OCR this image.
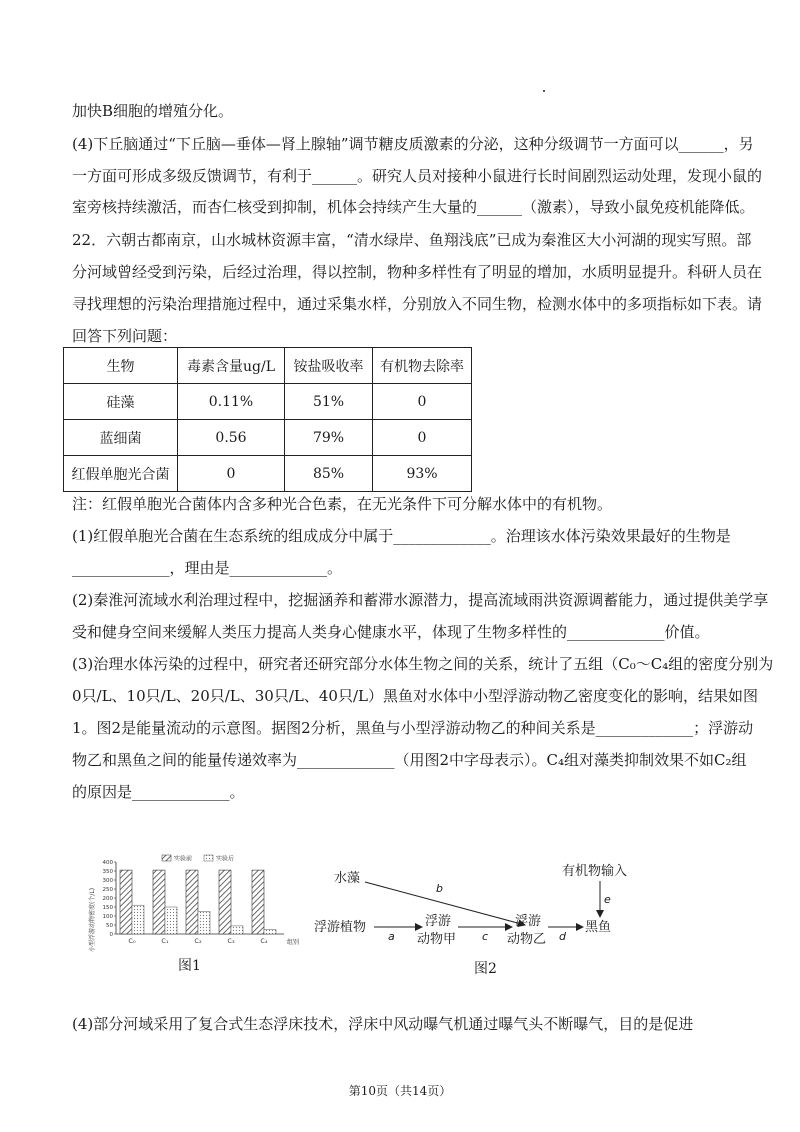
加快B细胞的增殖分化。
(4)下丘脑通过“下丘脑—垂体—肾上腺轴”调节糖皮质激素的分泌，这种分级调节一方面可以______，另
一方面可形成多级反馈调节，有利于______。研究人员对接种小鼠进行长时间剧烈运动处理，发现小鼠的
室旁核持续激活，而杏仁核受到抑制，机体会持续产生大量的______（激素），导致小鼠免疫机能降低。
22．六朝古都南京，山水城林资源丰富，“清水绿岸、鱼翔浅底”已成为秦淮区大小河湖的现实写照。部
分河域曾经受到污染，后经过治理，得以控制，物种多样性有了明显的增加，水质明显提升。科研人员在
寻找理想的污染治理措施过程中，通过采集水样，分别放入不同生物，检测水体中的多项指标如下表。请
回答下列问题：
生物	毒素含量ug/L	铵盐吸收率	有机物去除率
硅藻	0.11%	51%	0
蓝细菌	0.56	79%	0
红假单胞光合菌	0	85%	93%
注：红假单胞光合菌体内含多种光合色素，在无光条件下可分解水体中的有机物。
(1)红假单胞光合菌在生态系统的组成成分中属于_____________。治理该水体污染效果最好的生物是
_____________，理由是_____________。
(2)秦淮河流域水利治理过程中，挖掘涵养和蓄滞水源潜力，提高流域雨洪资源调蓄能力，通过提供美学享
受和健身空间来缓解人类压力提高人类身心健康水平，体现了生物多样性的_____________价值。
(3)治理水体污染的过程中，研究者还研究部分水体生物之间的关系，统计了五组（C₀～C₄组的密度分别为
0只/L、10只/L、20只/L、30只/L、40只/L）黑鱼对水体中小型浮游动物乙密度变化的影响，结果如图
1。图2是能量流动的示意图。据图2分析，黑鱼与小型浮游动物乙的种间关系是_____________；浮游动
物乙和黑鱼之间的能量传递效率为_____________（用图2中字母表示）。C₄组对藻类抑制效果不如C₂组
的原因是_____________。
实验前	实验后
小型浮游动物密度(个/L)
400
350
300
250
200
150
100
50
0
C₀	C₁	C₂	C₃	C₄	组别
图1
水藻
浮游植物	浮游
动物甲
浮游
动物乙
黑鱼
有机物输入
b
a	c	d
e
图2
(4)部分河域采用了复合式生态浮床技术，浮床中风动曝气机通过曝气头不断曝气，目的是促进
第10页（共14页）
